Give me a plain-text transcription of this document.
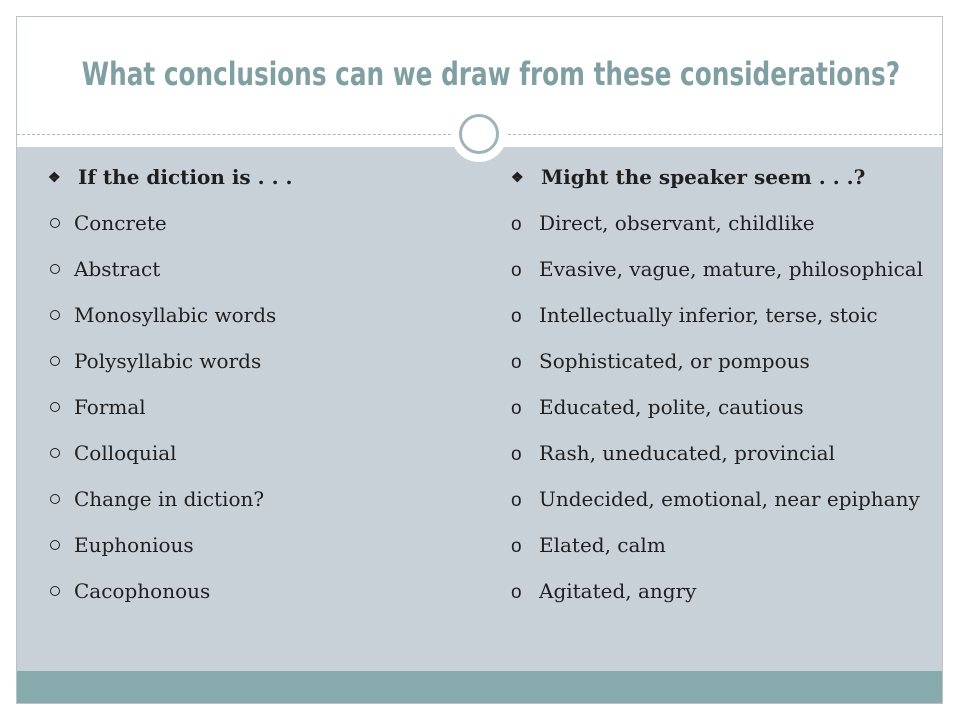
What conclusions can we draw from these considerations?
❖ If the diction is . . .
Concrete
Abstract
Monosyllabic words
Polysyllabic words
Formal
Colloquial
Change in diction?
Euphonious
Cacophonous
❖ Might the speaker seem . . .?
o Direct, observant, childlike
o Evasive, vague, mature, philosophical
o Intellectually inferior, terse, stoic
o Sophisticated, or pompous
o Educated, polite, cautious
o Rash, uneducated, provincial
o Undecided, emotional, near epiphany
o Elated, calm
o Agitated, angry
